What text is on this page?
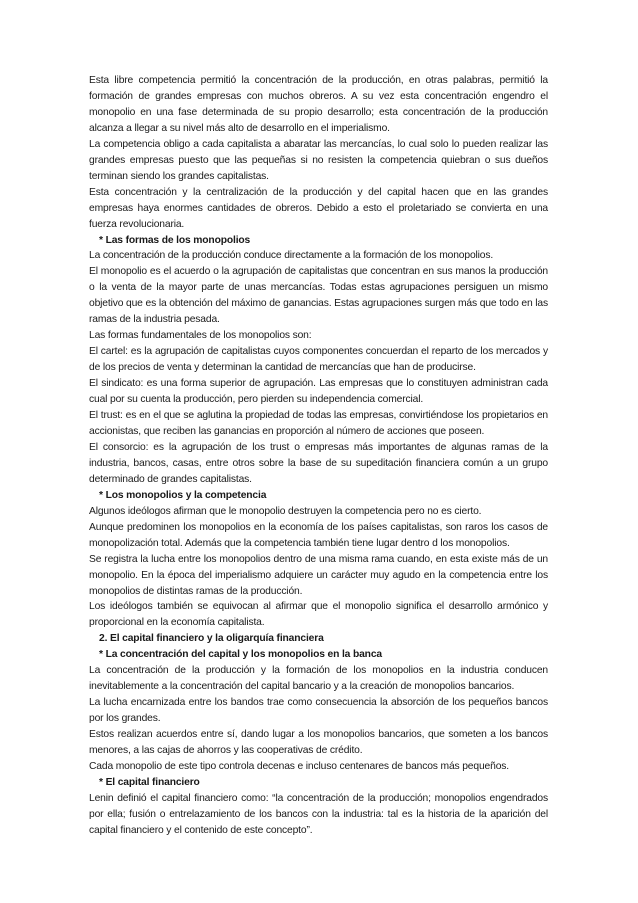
Esta libre competencia permitió la concentración de la producción, en otras palabras, permitió la formación de grandes empresas con muchos obreros. A su vez esta concentración engendro el monopolio en una fase determinada de su propio desarrollo; esta concentración de la producción alcanza a llegar a su nivel más alto de desarrollo en el imperialismo.

La competencia obligo a cada capitalista a abaratar las mercancías, lo cual solo lo pueden realizar las grandes empresas puesto que las pequeñas si no resisten la competencia quiebran o sus dueños terminan siendo los grandes capitalistas.

Esta concentración y la centralización de la producción y del capital hacen que en las grandes empresas haya enormes cantidades de obreros. Debido a esto el proletariado se convierta en una fuerza revolucionaria.

* Las formas de los monopolios

La concentración de la producción conduce directamente a la formación de los monopolios.

El monopolio es el acuerdo o la agrupación de capitalistas que concentran en sus manos la producción o la venta de la mayor parte de unas mercancías. Todas estas agrupaciones persiguen un mismo objetivo que es la obtención del máximo de ganancias. Estas agrupaciones surgen más que todo en las ramas de la industria pesada.

Las formas fundamentales de los monopolios son:

El cartel: es la agrupación de capitalistas cuyos componentes concuerdan el reparto de los mercados y de los precios de venta y determinan la cantidad de mercancías que han de producirse.

El sindicato: es una forma superior de agrupación. Las empresas que lo constituyen administran cada cual por su cuenta la producción, pero pierden su independencia comercial.

El trust: es en el que se aglutina la propiedad de todas las empresas, convirtiéndose los propietarios en accionistas, que reciben las ganancias en proporción al número de acciones que poseen.

El consorcio: es la agrupación de los trust o empresas más importantes de algunas ramas de la industria, bancos, casas, entre otros sobre la base de su supeditación financiera común a un grupo determinado de grandes capitalistas.

* Los monopolios y la competencia

Algunos ideólogos afirman que le monopolio destruyen la competencia pero no es cierto.

Aunque predominen los monopolios en la economía de los países capitalistas, son raros los casos de monopolización total. Además que la competencia también tiene lugar dentro d los monopolios.

Se registra la lucha entre los monopolios dentro de una misma rama cuando, en esta existe más de un monopolio. En la época del imperialismo adquiere un carácter muy agudo en la competencia entre los monopolios de distintas ramas de la producción.

Los ideólogos también se equivocan al afirmar que el monopolio significa el desarrollo armónico y proporcional en la economía capitalista.

2. El capital financiero y la oligarquía financiera
* La concentración del capital y los monopolios en la banca

La concentración de la producción y la formación de los monopolios en la industria conducen inevitablemente a la concentración del capital bancario y a la creación de monopolios bancarios.

La lucha encarnizada entre los bandos trae como consecuencia la absorción de los pequeños bancos por los grandes.

Estos realizan acuerdos entre sí, dando lugar a los monopolios bancarios, que someten a los bancos menores, a las cajas de ahorros y las cooperativas de crédito.

Cada monopolio de este tipo controla decenas e incluso centenares de bancos más pequeños.

* El capital financiero

Lenin definió el capital financiero como: “la concentración de la producción; monopolios engendrados por ella; fusión o entrelazamiento de los bancos con la industria: tal es la historia de la aparición del capital financiero y el contenido de este concepto”.
